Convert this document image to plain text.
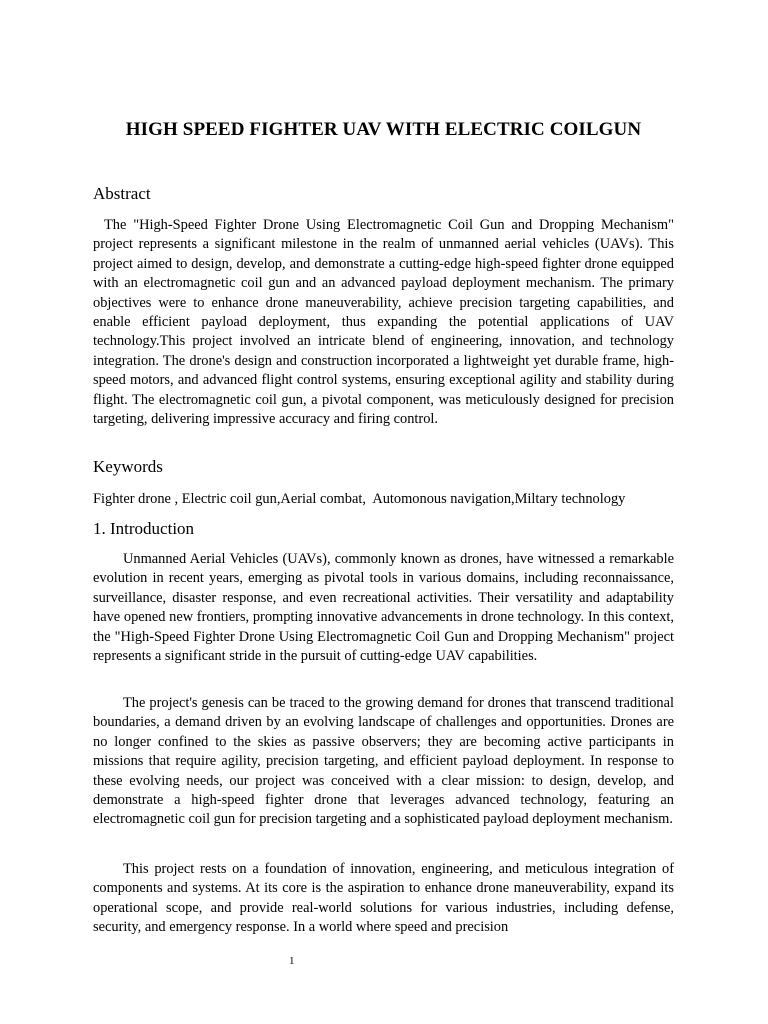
HIGH SPEED FIGHTER UAV WITH ELECTRIC COILGUN
Abstract

The "High-Speed Fighter Drone Using Electromagnetic Coil Gun and Dropping Mechanism" project represents a significant milestone in the realm of unmanned aerial vehicles (UAVs). This project aimed to design, develop, and demonstrate a cutting-edge high-speed fighter drone equipped with an electromagnetic coil gun and an advanced payload deployment mechanism. The primary objectives were to enhance drone maneuverability, achieve precision targeting capabilities, and enable efficient payload deployment, thus expanding the potential applications of UAV technology.This project involved an intricate blend of engineering, innovation, and technology integration. The drone's design and construction incorporated a lightweight yet durable frame, high-speed motors, and advanced flight control systems, ensuring exceptional agility and stability during flight. The electromagnetic coil gun, a pivotal component, was meticulously designed for precision targeting, delivering impressive accuracy and firing control.

Keywords

Fighter drone , Electric coil gun,Aerial combat,  Automonous navigation,Miltary technology

1. Introduction

Unmanned Aerial Vehicles (UAVs), commonly known as drones, have witnessed a remarkable evolution in recent years, emerging as pivotal tools in various domains, including reconnaissance, surveillance, disaster response, and even recreational activities. Their versatility and adaptability have opened new frontiers, prompting innovative advancements in drone technology. In this context, the "High-Speed Fighter Drone Using Electromagnetic Coil Gun and Dropping Mechanism" project represents a significant stride in the pursuit of cutting-edge UAV capabilities.

The project's genesis can be traced to the growing demand for drones that transcend traditional boundaries, a demand driven by an evolving landscape of challenges and opportunities. Drones are no longer confined to the skies as passive observers; they are becoming active participants in missions that require agility, precision targeting, and efficient payload deployment. In response to these evolving needs, our project was conceived with a clear mission: to design, develop, and demonstrate a high-speed fighter drone that leverages advanced technology, featuring an electromagnetic coil gun for precision targeting and a sophisticated payload deployment mechanism.

This project rests on a foundation of innovation, engineering, and meticulous integration of components and systems. At its core is the aspiration to enhance drone maneuverability, expand its operational scope, and provide real-world solutions for various industries, including defense, security, and emergency response. In a world where speed and precision

1
